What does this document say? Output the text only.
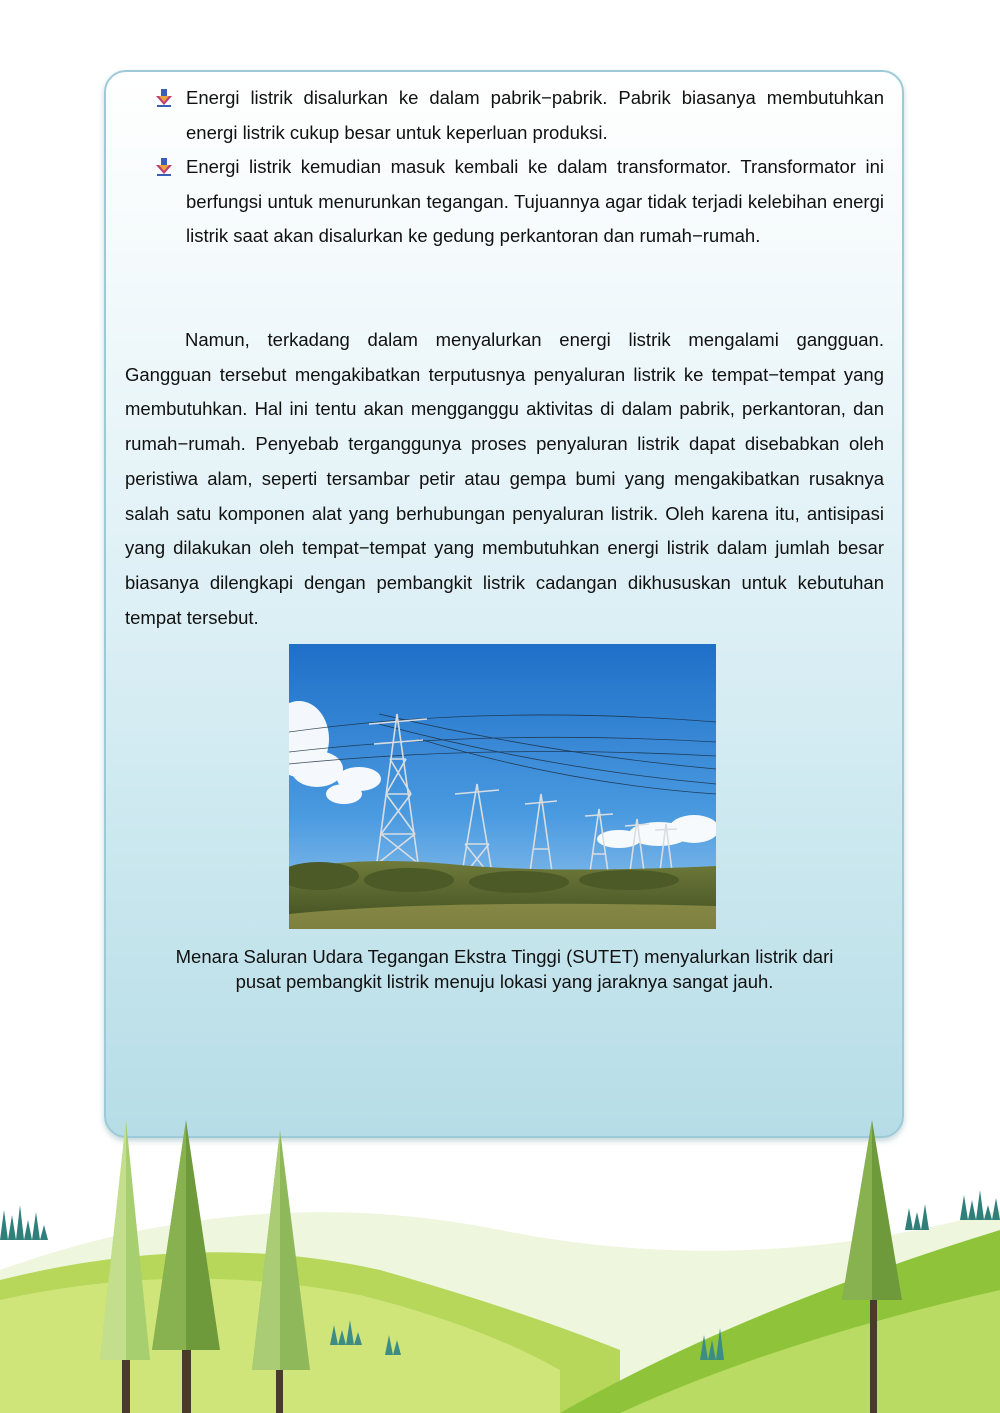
Energi listrik disalurkan ke dalam pabrik−pabrik. Pabrik biasanya membutuhkan energi listrik cukup besar untuk keperluan produksi.
Energi listrik kemudian masuk kembali ke dalam transformator. Transformator ini berfungsi untuk menurunkan tegangan. Tujuannya agar tidak terjadi kelebihan energi listrik saat akan disalurkan ke gedung perkantoran dan rumah−rumah.
Namun, terkadang dalam menyalurkan energi listrik mengalami gangguan. Gangguan tersebut mengakibatkan terputusnya penyaluran listrik ke tempat−tempat yang membutuhkan. Hal ini tentu akan mengganggu aktivitas di dalam pabrik, perkantoran, dan rumah−rumah. Penyebab terganggunya proses penyaluran listrik dapat disebabkan oleh peristiwa alam, seperti tersambar petir atau gempa bumi yang mengakibatkan rusaknya salah satu komponen alat yang berhubungan penyaluran listrik. Oleh karena itu, antisipasi yang dilakukan oleh tempat−tempat yang membutuhkan energi listrik dalam jumlah besar biasanya dilengkapi dengan pembangkit listrik cadangan dikhususkan untuk kebutuhan tempat tersebut.
Menara Saluran Udara Tegangan Ekstra Tinggi (SUTET) menyalurkan listrik dari
pusat pembangkit listrik menuju lokasi yang jaraknya sangat jauh.
